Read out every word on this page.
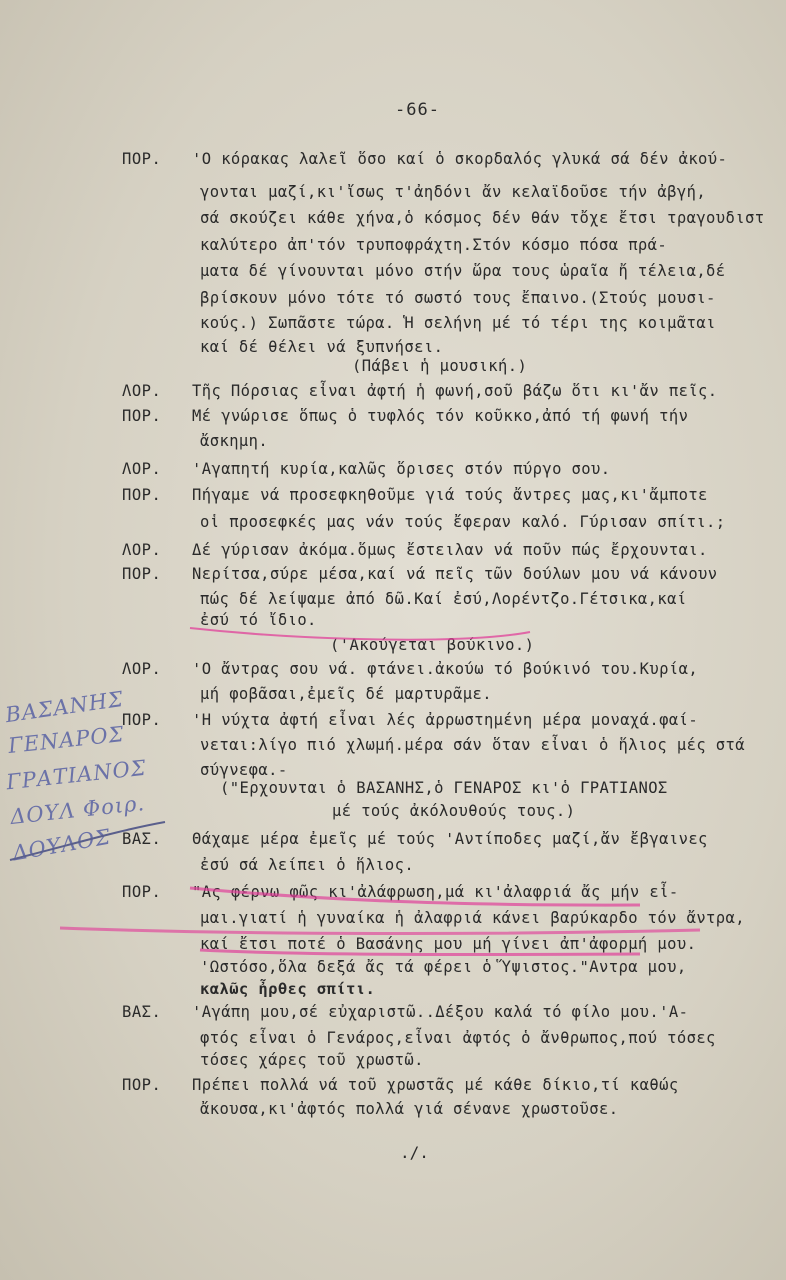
-66-
ΠΟΡ. 'Ο κόρακας λαλεῖ ὅσο καί ὁ σκορδαλός γλυκά σά δέν ἀκού-
γονται μαζί,κι'ἴσως τ'ἀηδόνι ἄν κελαϊδοῦσε τήν ἀβγή,
σά σκούζει κάθε χήνα,ὁ κόσμος δέν θάν τὄχε ἔτσι τραγουδιστ
καλύτερο ἀπ'τόν τρυποφράχτη.Στόν κόσμο πόσα πρά-
ματα δέ γίνουνται μόνο στήν ὥρα τους ὡραῖα ἤ τέλεια,δέ
βρίσκουν μόνο τότε τό σωστό τους ἔπαινο.(Στούς μουσι-
κούς.) Σωπᾶστε τώρα. Ἡ σελήνη μέ τό τέρι της κοιμᾶται
καί δέ θέλει νά ξυπνήσει.
(Πάβει ἡ μουσική.)
ΛΟΡ. Τῆς Πόρσιας εἶναι ἀφτή ἡ φωνή,σοῦ βάζω ὅτι κι'ἄν πεῖς.
ΠΟΡ. Μέ γνώρισε ὅπως ὁ τυφλός τόν κοῦκκο,ἀπό τή φωνή τήν
ἄσκημη.
ΛΟΡ. 'Αγαπητή κυρία,καλῶς ὅρισες στόν πύργο σου.
ΠΟΡ. Πήγαμε νά προσεφκηθοῦμε γιά τούς ἄντρες μας,κι'ἄμποτε
οἱ προσεφκές μας νάν τούς ἔφεραν καλό. Γύρισαν σπίτι.;
ΛΟΡ. Δέ γύρισαν ἀκόμα.ὅμως ἔστειλαν νά ποῦν πώς ἔρχουνται.
ΠΟΡ. Νερίτσα,σύρε μέσα,καί νά πεῖς τῶν δούλων μου νά κάνουν
πώς δέ λείψαμε ἀπό δῶ.Καί ἐσύ,Λορέντζο.Γέτσικα,καί
ἐσύ τό ἴδιο.
('Ακούγεται βούκινο.)
ΛΟΡ. 'Ο ἄντρας σου νά. φτάνει.ἀκούω τό βούκινό του.Κυρία,
μή φοβᾶσαι,ἐμεῖς δέ μαρτυρᾶμε.
ΠΟΡ. 'Η νύχτα ἀφτή εἶναι λές ἀρρωστημένη μέρα μοναχά.φαί-
νεται:λίγο πιό χλωμή.μέρα σάν ὅταν εἶναι ὁ ἥλιος μές στά
σύγνεφα.-
("Ερχουνται ὁ ΒΑΣΑΝΗΣ,ὁ ΓΕΝΑΡΟΣ κι'ὁ ΓΡΑΤΙΑΝΟΣ
μέ τούς ἀκόλουθούς τους.)
ΒΑΣ. Θάχαμε μέρα ἐμεῖς μέ τούς 'Αντίποδες μαζί,ἄν ἔβγαινες
ἐσύ σά λείπει ὁ ἥλιος.
ΠΟΡ. "Ας φέρνω φῶς κι'ἀλάφρωση,μά κι'ἀλαφριά ἄς μήν εἶ-
μαι.γιατί ἡ γυναίκα ἡ ἀλαφριά κάνει βαρύκαρδο τόν ἄντρα,
καί ἔτσι ποτέ ὁ Βασάνης μου μή γίνει ἀπ'ἀφορμή μου.
'Ωστόσο,ὅλα δεξά ἄς τά φέρει ὁ Ὕψιστος."Αντρα μου,
καλῶς ἦρθες σπίτι.
ΒΑΣ. 'Αγάπη μου,σέ εὐχαριστῶ..Δέξου καλά τό φίλο μου.'Α-
φτός εἶναι ὁ Γενάρος,εἶναι ἀφτός ὁ ἄνθρωπος,πού τόσες
τόσες χάρες τοῦ χρωστῶ.
ΠΟΡ. Πρέπει πολλά νά τοῦ χρωστᾶς μέ κάθε δίκιο,τί καθώς
ἄκουσα,κι'ἀφτός πολλά γιά σένανε χρωστοῦσε.
ΒΑΣΑΝΗΣ
ΓΕΝΑΡΟΣ
ΓΡΑΤΙΑΝΟΣ
ΔΟΥΛ Φοιρ.
ΔΟΥΛΟΣ
./.
